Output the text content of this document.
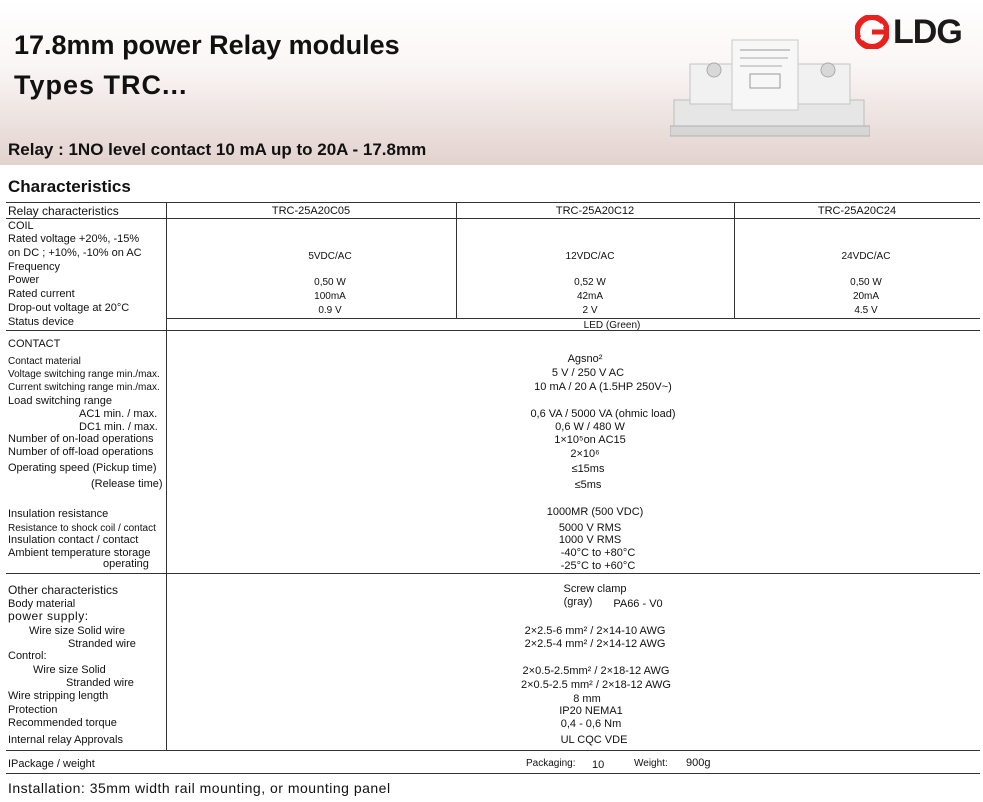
17.8mm power Relay modules
Types TRC...
LDG
Relay : 1NO level contact 10 mA up to 20A - 17.8mm
Characteristics
Relay characteristics	TRC-25A20C05	TRC-25A20C12	TRC-25A20C24
COIL
Rated voltage +20%, -15%
on DC ; +10%, -10% on AC	5VDC/AC	12VDC/AC	24VDC/AC
Frequency
Power	0,50 W	0,52 W	0,50 W
Rated current	100mA	42mA	20mA
Drop-out voltage at 20°C	0.9 V	2 V	4.5 V
Status device	LED (Green)
CONTACT
Contact material	Agsno²
Voltage switching range min./max.	5 V / 250 V AC
Current switching range min./max.	10 mA / 20 A (1.5HP 250V~)
Load switching range
AC1 min. / max.	0,6 VA / 5000 VA (ohmic load)
DC1 min. / max.	0,6 W / 480 W
Number of on-load operations	1×10⁵on AC15
Number of off-load operations	2×10⁶
Operating speed (Pickup time)	≤15ms
(Release time)	≤5ms
Insulation resistance	1000MR (500 VDC)
Resistance to shock coil / contact	5000 V RMS
Insulation contact / contact	1000 V RMS
Ambient temperature storage	-40°C to +80°C
operating	-25°C to +60°C
Other characteristics	Screw clamp
Body material	(gray) PA66 - V0
power supply:
Wire size Solid wire	2×2.5-6 mm² / 2×14-10 AWG
Stranded wire	2×2.5-4 mm² / 2×14-12 AWG
Control:
Wire size Solid	2×0.5-2.5mm² / 2×18-12 AWG
Stranded wire	2×0.5-2.5 mm² / 2×18-12 AWG
Wire stripping length	8 mm
Protection	IP20 NEMA1
Recommended torque	0,4 - 0,6 Nm
Internal relay Approvals	UL CQC VDE
IPackage / weight	Packaging: 10	Weight: 900g
Installation: 35mm width rail mounting, or mounting panel
